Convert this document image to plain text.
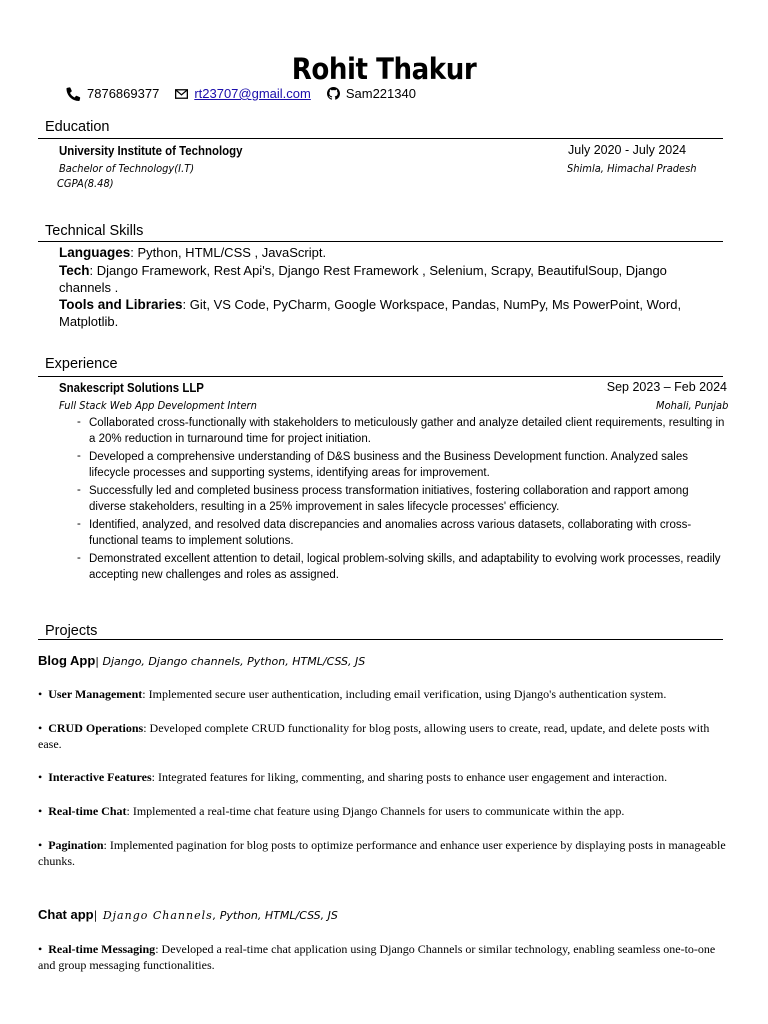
Rohit Thakur
7876869377	rt23707@gmail.com	Sam221340
Education
University Institute of Technology	July 2020 - July 2024
Bachelor of Technology(I.T)	Shimla, Himachal Pradesh
CGPA(8.48)
Technical Skills
Languages: Python, HTML/CSS , JavaScript.
Tech: Django Framework, Rest Api's, Django Rest Framework , Selenium, Scrapy, BeautifulSoup, Django channels .
Tools and Libraries: Git, VS Code, PyCharm, Google Workspace, Pandas, NumPy, Ms PowerPoint, Word, Matplotlib.
Experience
Snakescript Solutions LLP	Sep 2023 – Feb 2024
Full Stack Web App Development Intern	Mohali, Punjab
- Collaborated cross-functionally with stakeholders to meticulously gather and analyze detailed client requirements, resulting in a 20% reduction in turnaround time for project initiation.
- Developed a comprehensive understanding of D&S business and the Business Development function. Analyzed sales lifecycle processes and supporting systems, identifying areas for improvement.
- Successfully led and completed business process transformation initiatives, fostering collaboration and rapport among diverse stakeholders, resulting in a 25% improvement in sales lifecycle processes' efficiency.
- Identified, analyzed, and resolved data discrepancies and anomalies across various datasets, collaborating with cross-functional teams to implement solutions.
- Demonstrated excellent attention to detail, logical problem-solving skills, and adaptability to evolving work processes, readily accepting new challenges and roles as assigned.
Projects
Blog App| Django, Django channels, Python, HTML/CSS, JS
• User Management: Implemented secure user authentication, including email verification, using Django's authentication system.
• CRUD Operations: Developed complete CRUD functionality for blog posts, allowing users to create, read, update, and delete posts with ease.
• Interactive Features: Integrated features for liking, commenting, and sharing posts to enhance user engagement and interaction.
• Real-time Chat: Implemented a real-time chat feature using Django Channels for users to communicate within the app.
• Pagination: Implemented pagination for blog posts to optimize performance and enhance user experience by displaying posts in manageable chunks.
Chat app| Django Channels, Python, HTML/CSS, JS
• Real-time Messaging: Developed a real-time chat application using Django Channels or similar technology, enabling seamless one-to-one and group messaging functionalities.
